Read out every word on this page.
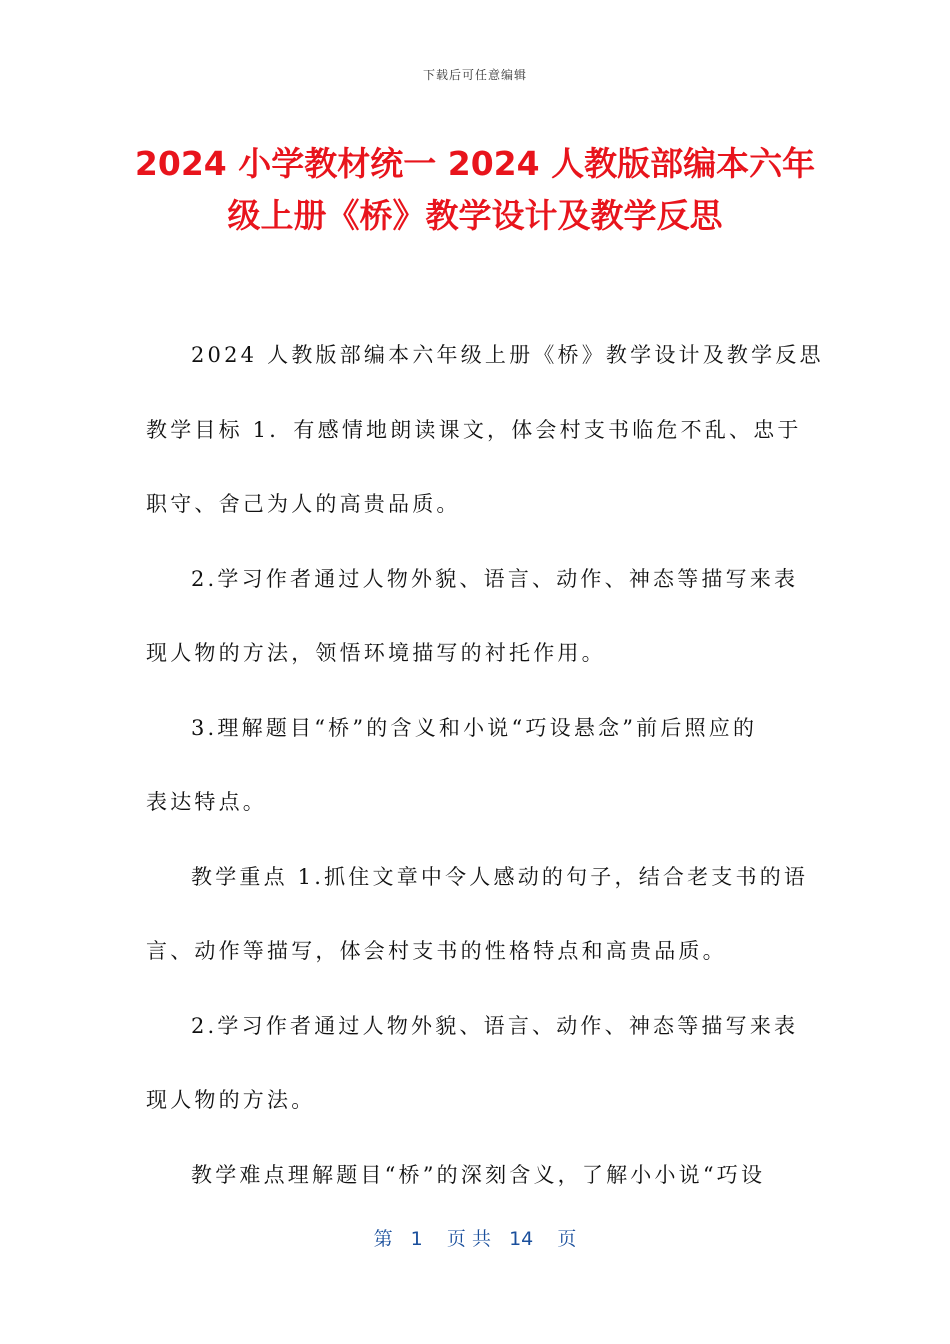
下载后可任意编辑
2024 小学教材统一 2024 人教版部编本六年
级上册《桥》教学设计及教学反思

2024 人教版部编本六年级上册《桥》教学设计及教学反思

教学目标 1．有感情地朗读课文，体会村支书临危不乱、忠于

职守、舍己为人的高贵品质。

2.学习作者通过人物外貌、语言、动作、神态等描写来表

现人物的方法，领悟环境描写的衬托作用。

3.理解题目“桥”的含义和小说“巧设悬念”前后照应的

表达特点。

教学重点 1.抓住文章中令人感动的句子，结合老支书的语

言、动作等描写，体会村支书的性格特点和高贵品质。

2.学习作者通过人物外貌、语言、动作、神态等描写来表

现人物的方法。

教学难点理解题目“桥”的深刻含义，了解小小说“巧设

第   1    页 共   14    页
